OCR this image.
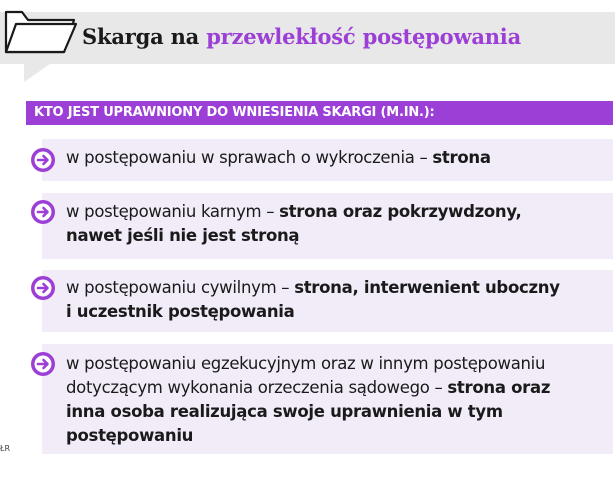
Skarga na przewlekłość postępowania
KTO JEST UPRAWNIONY DO WNIESIENIA SKARGI (M.IN.):
w postępowaniu w sprawach o wykroczenia – strona
w postępowaniu karnym – strona oraz pokrzywdzony,
nawet jeśli nie jest stroną
w postępowaniu cywilnym – strona, interwenient uboczny
i uczestnik postępowania
w postępowaniu egzekucyjnym oraz w innym postępowaniu
dotyczącym wykonania orzeczenia sądowego – strona oraz
inna osoba realizująca swoje uprawnienia w tym
postępowaniu
ŁR
